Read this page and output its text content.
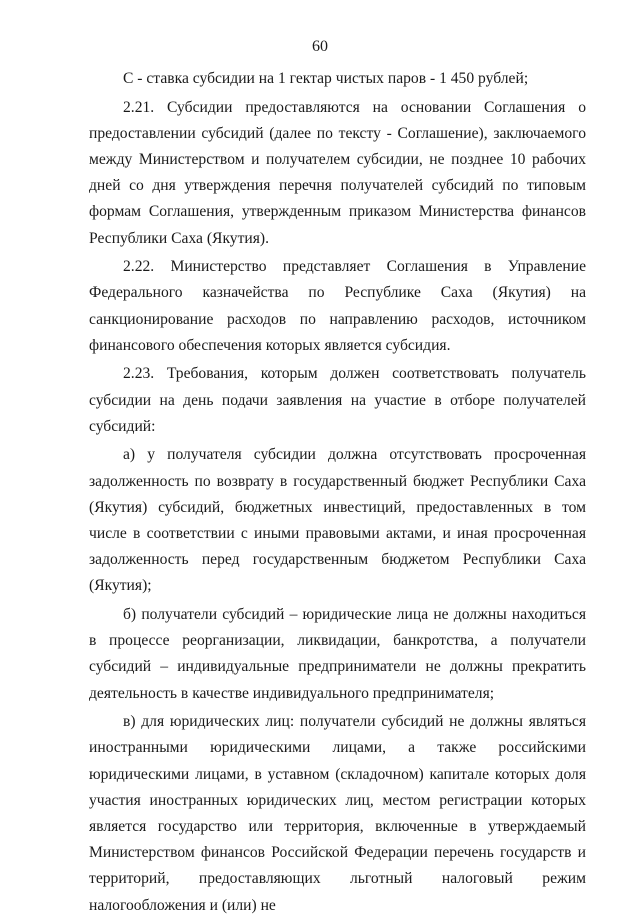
60

С - ставка субсидии на 1 гектар чистых паров - 1 450 рублей;

2.21. Субсидии предоставляются на основании Соглашения о предоставлении субсидий (далее по тексту - Соглашение), заключаемого между Министерством и получателем субсидии, не позднее 10 рабочих дней со дня утверждения перечня получателей субсидий по типовым формам Соглашения, утвержденным приказом Министерства финансов Республики Саха (Якутия).

2.22. Министерство представляет Соглашения в Управление Федерального казначейства по Республике Саха (Якутия) на санкционирование расходов по направлению расходов, источником финансового обеспечения которых является субсидия.

2.23. Требования, которым должен соответствовать получатель субсидии на день подачи заявления на участие в отборе получателей субсидий:

а) у получателя субсидии должна отсутствовать просроченная задолженность по возврату в государственный бюджет Республики Саха (Якутия) субсидий, бюджетных инвестиций, предоставленных в том числе в соответствии с иными правовыми актами, и иная просроченная задолженность перед государственным бюджетом Республики Саха (Якутия);

б) получатели субсидий – юридические лица не должны находиться в процессе реорганизации, ликвидации, банкротства, а получатели субсидий – индивидуальные предприниматели не должны прекратить деятельность в качестве индивидуального предпринимателя;

в) для юридических лиц: получатели субсидий не должны являться иностранными юридическими лицами, а также российскими юридическими лицами, в уставном (складочном) капитале которых доля участия иностранных юридических лиц, местом регистрации которых является государство или территория, включенные в утверждаемый Министерством финансов Российской Федерации перечень государств и территорий, предоставляющих льготный налоговый режим налогообложения и (или) не
